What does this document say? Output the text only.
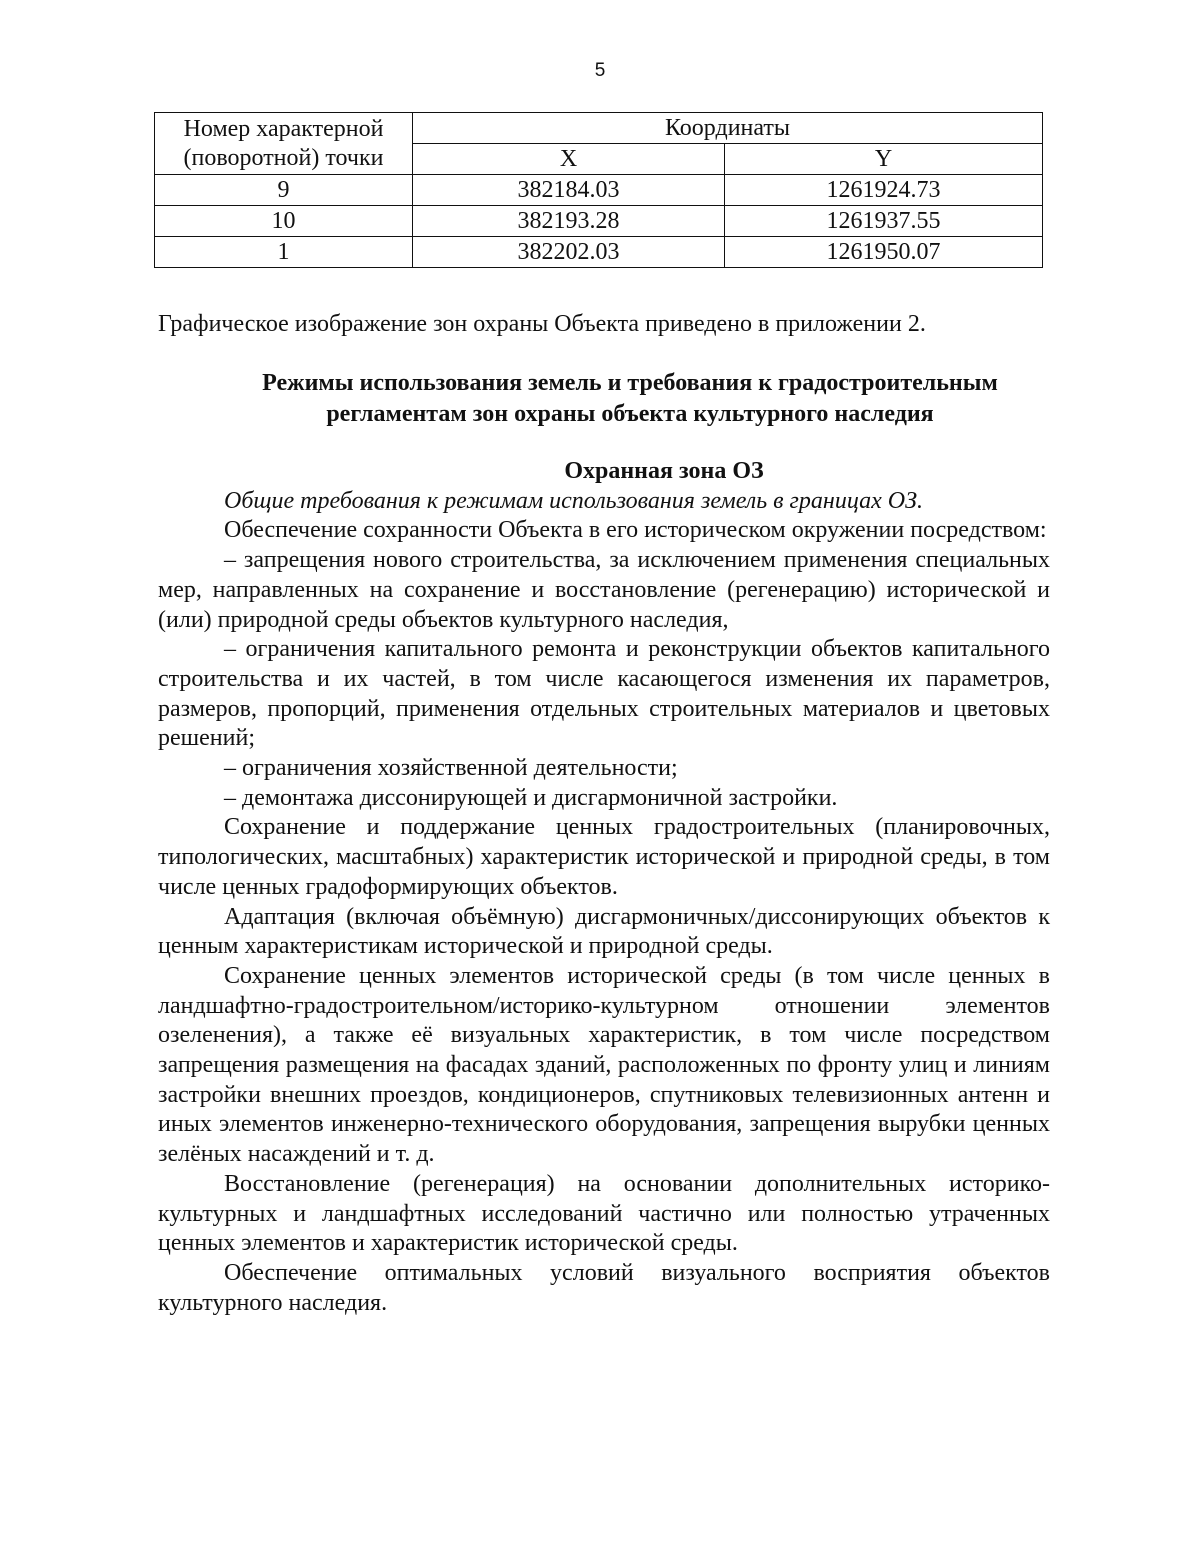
5
Номер характерной (поворотной) точки	Координаты	
	X	Y
9	382184.03	1261924.73
10	382193.28	1261937.55
1	382202.03	1261950.07

Графическое изображение зон охраны Объекта приведено в приложении 2.

Режимы использования земель и требования к градостроительным

регламентам зон охраны объекта культурного наследия

Охранная зона ОЗ

Общие требования к режимам использования земель в границах ОЗ.

Обеспечение сохранности Объекта в его историческом окружении посредством:

– запрещения нового строительства, за исключением применения специальных мер, направленных на сохранение и восстановление (регенерацию) исторической и (или) природной среды объектов культурного наследия,

– ограничения капитального ремонта и реконструкции объектов капитального строительства и их частей, в том числе касающегося изменения их параметров, размеров, пропорций, применения отдельных строительных материалов и цветовых решений;

– ограничения хозяйственной деятельности;

– демонтажа диссонирующей и дисгармоничной застройки.

Сохранение и поддержание ценных градостроительных (планировочных, типологических, масштабных) характеристик исторической и природной среды, в том числе ценных градоформирующих объектов.

Адаптация (включая объёмную) дисгармоничных/диссонирующих объектов к ценным характеристикам исторической и природной среды.

Сохранение ценных элементов исторической среды (в том числе ценных в ландшафтно-градостроительном/историко-культурном отношении элементов озеленения), а также её визуальных характеристик, в том числе посредством запрещения размещения на фасадах зданий, расположенных по фронту улиц и линиям застройки внешних проездов, кондиционеров, спутниковых телевизионных антенн и иных элементов инженерно-технического оборудования, запрещения вырубки ценных зелёных насаждений и т. д.

Восстановление (регенерация) на основании дополнительных историко-культурных и ландшафтных исследований частично или полностью утраченных ценных элементов и характеристик исторической среды.

Обеспечение оптимальных условий визуального восприятия объектов культурного наследия.
